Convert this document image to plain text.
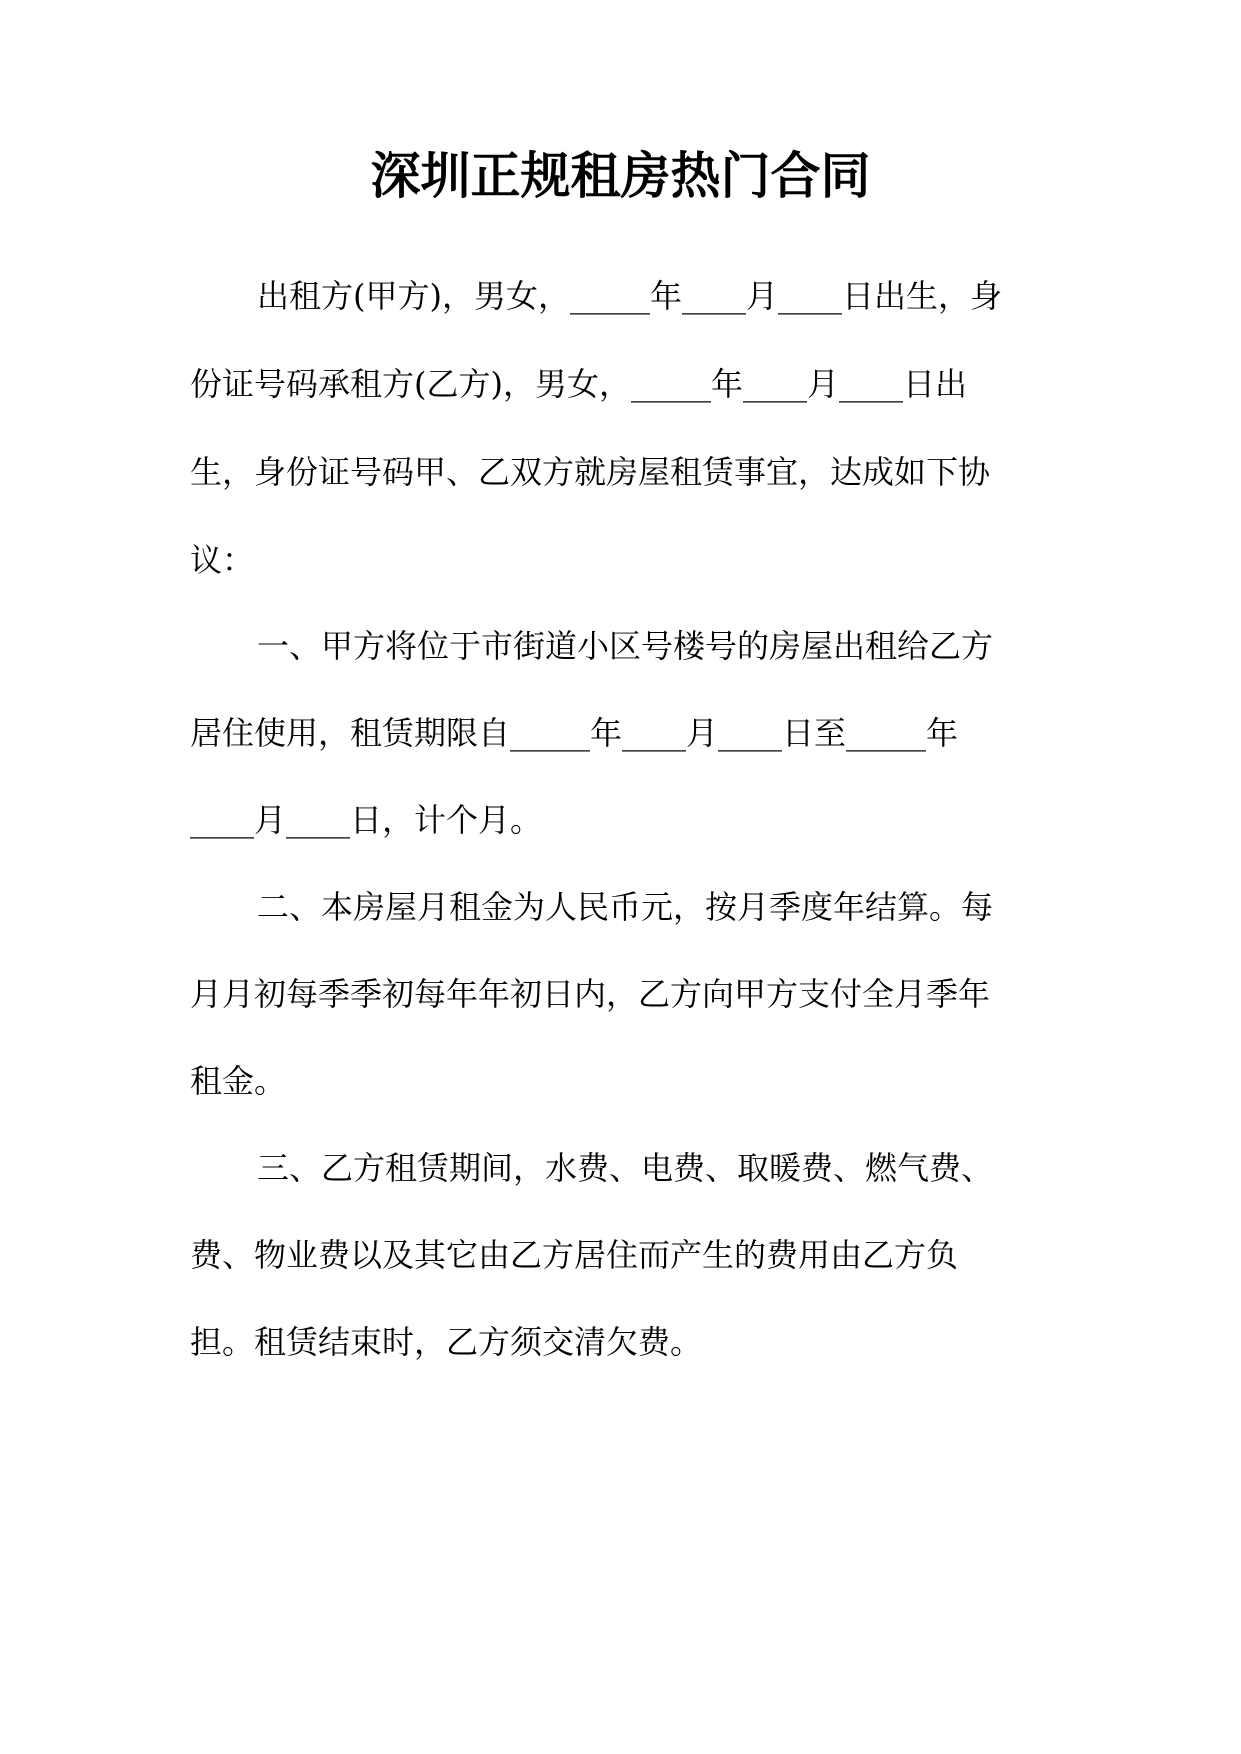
深圳正规租房热门合同

出租方(甲方)，男女，_____年____月____日出生，身

份证号码承租方(乙方)，男女，_____年____月____日出

生，身份证号码甲、乙双方就房屋租赁事宜，达成如下协

议：

一、甲方将位于市街道小区号楼号的房屋出租给乙方

居住使用，租赁期限自_____年____月____日至_____年

____月____日，计个月。

二、本房屋月租金为人民币元，按月季度年结算。每

月月初每季季初每年年初日内，乙方向甲方支付全月季年

租金。

三、乙方租赁期间，水费、电费、取暖费、燃气费、

费、物业费以及其它由乙方居住而产生的费用由乙方负

担。租赁结束时，乙方须交清欠费。
